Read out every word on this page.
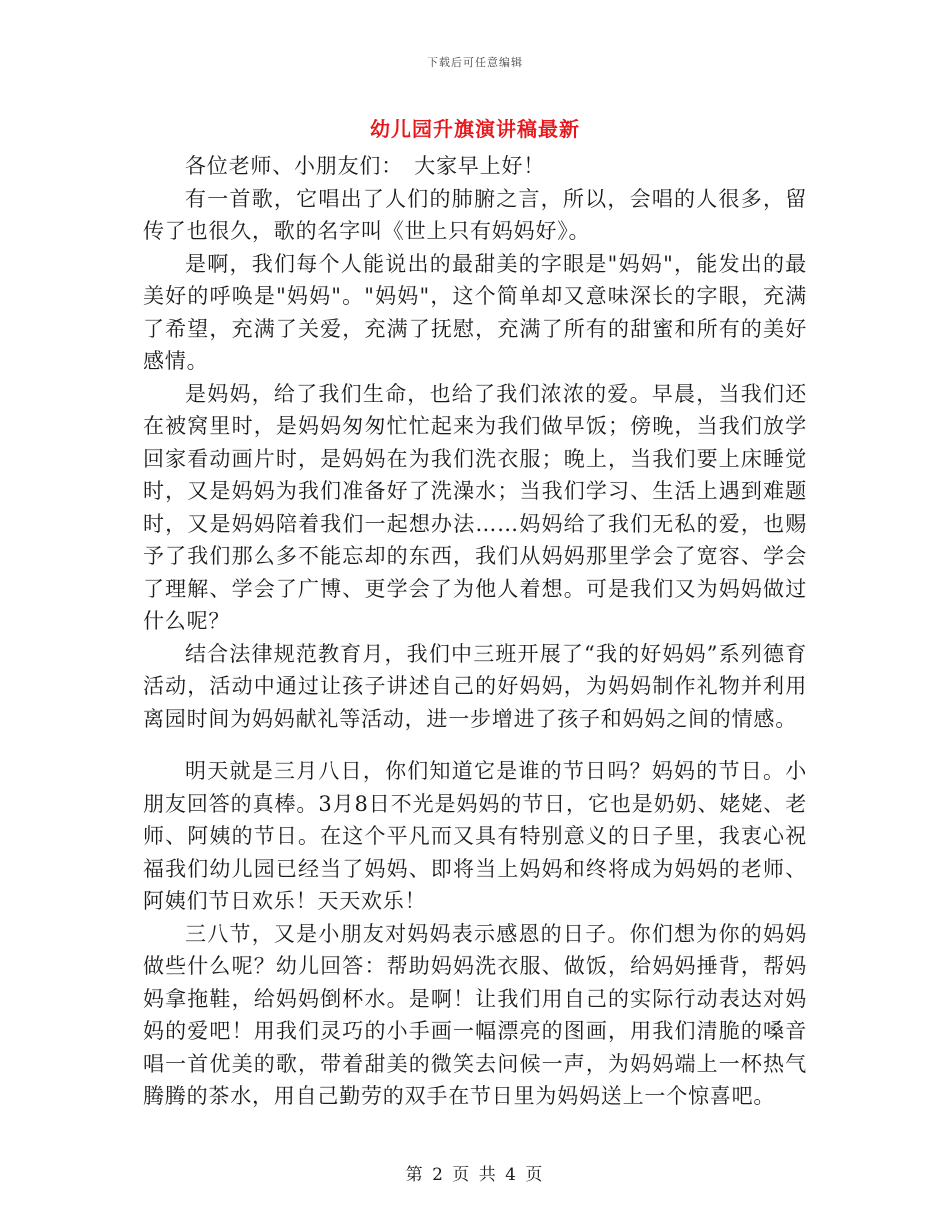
下载后可任意编辑
幼儿园升旗演讲稿最新

各位老师、小朋友们：　大家早上好！

有一首歌，它唱出了人们的肺腑之言，所以，会唱的人很多，留传了也很久，歌的名字叫《世上只有妈妈好》。

是啊，我们每个人能说出的最甜美的字眼是"妈妈"，能发出的最美好的呼唤是"妈妈"。"妈妈"，这个简单却又意味深长的字眼，充满了希望，充满了关爱，充满了抚慰，充满了所有的甜蜜和所有的美好感情。

是妈妈，给了我们生命，也给了我们浓浓的爱。早晨，当我们还在被窝里时，是妈妈匆匆忙忙起来为我们做早饭；傍晚，当我们放学回家看动画片时，是妈妈在为我们洗衣服；晚上，当我们要上床睡觉时，又是妈妈为我们准备好了洗澡水；当我们学习、生活上遇到难题时，又是妈妈陪着我们一起想办法……妈妈给了我们无私的爱，也赐予了我们那么多不能忘却的东西，我们从妈妈那里学会了宽容、学会了理解、学会了广博、更学会了为他人着想。可是我们又为妈妈做过什么呢？

结合法律规范教育月，我们中三班开展了“我的好妈妈”系列德育活动，活动中通过让孩子讲述自己的好妈妈，为妈妈制作礼物并利用离园时间为妈妈献礼等活动，进一步增进了孩子和妈妈之间的情感。

明天就是三月八日，你们知道它是谁的节日吗？妈妈的节日。小朋友回答的真棒。3月8日不光是妈妈的节日，它也是奶奶、姥姥、老师、阿姨的节日。在这个平凡而又具有特别意义的日子里，我衷心祝福我们幼儿园已经当了妈妈、即将当上妈妈和终将成为妈妈的老师、阿姨们节日欢乐！天天欢乐！

三八节，又是小朋友对妈妈表示感恩的日子。你们想为你的妈妈做些什么呢？幼儿回答：帮助妈妈洗衣服、做饭，给妈妈捶背，帮妈妈拿拖鞋，给妈妈倒杯水。是啊！让我们用自己的实际行动表达对妈妈的爱吧！用我们灵巧的小手画一幅漂亮的图画，用我们清脆的嗓音唱一首优美的歌，带着甜美的微笑去问候一声，为妈妈端上一杯热气腾腾的茶水，用自己勤劳的双手在节日里为妈妈送上一个惊喜吧。

第 2 页 共 4 页
